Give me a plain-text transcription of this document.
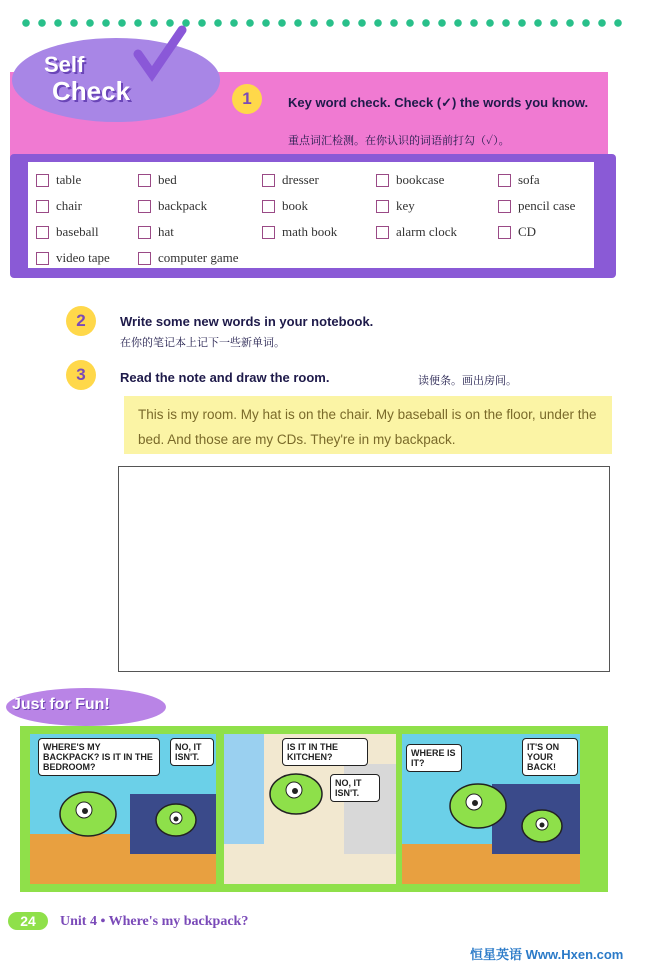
Self
Check	1	Key word check. Check (✓) the words you know.
重点词汇检测。在你认识的词语前打勾（✓）。
table	bed	dresser	bookcase	sofa
chair	backpack	book	key	pencil case
baseball	hat	math book	alarm clock	CD
video tape	computer game
2	Write some new words in your notebook.
在你的笔记本上记下一些新单词。
3	Read the note and draw the room.	读便条。画出房间。
This is my room. My hat is on the chair. My baseball is on the floor, under the bed. And those are my CDs. They're in my backpack.
Just for Fun!
WHERE'S MY BACKPACK? IS IT IN THE BEDROOM?
NO, IT ISN'T.
IS IT IN THE KITCHEN?
NO, IT ISN'T.
WHERE IS IT?
IT'S ON YOUR BACK!
24	Unit 4 • Where's my backpack?
恒星英语 Www.Hxen.com
